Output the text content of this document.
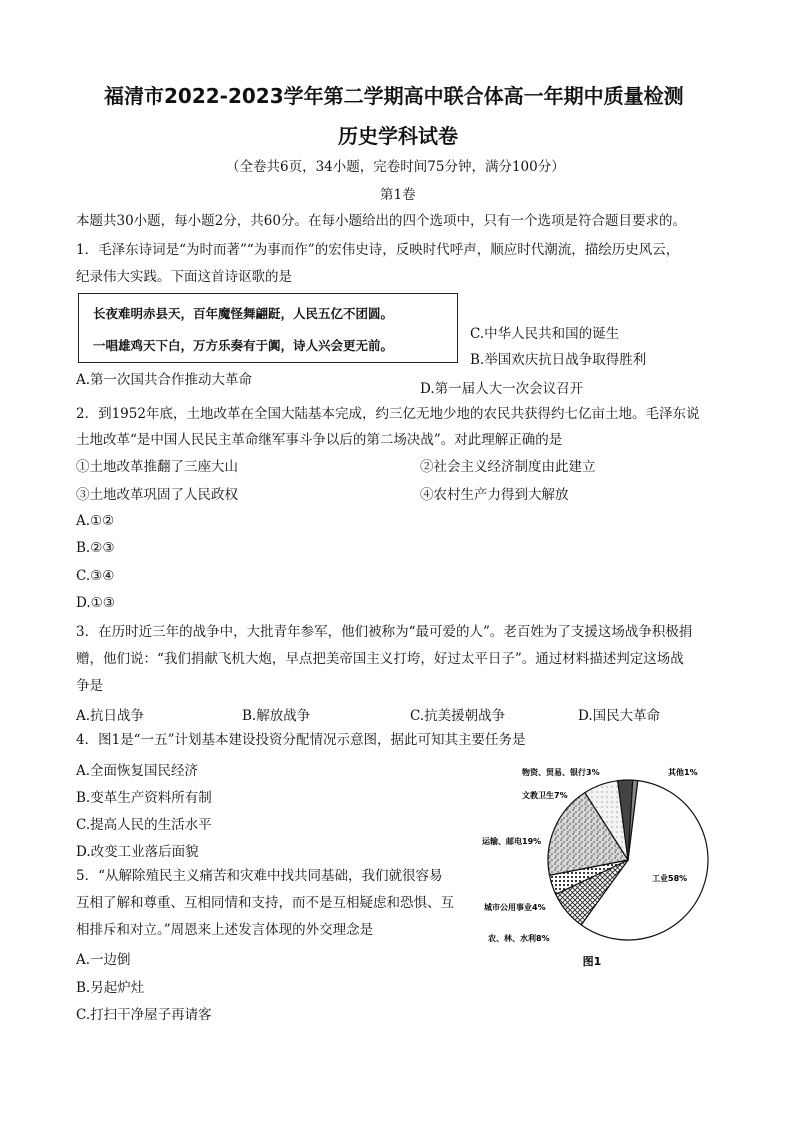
福清市2022-2023学年第二学期高中联合体高一年期中质量检测
历史学科试卷
（全卷共6页，34小题，完卷时间75分钟，满分100分）
第1卷
本题共30小题，每小题2分，共60分。在每小题给出的四个选项中，只有一个选项是符合题目要求的。
1．毛泽东诗词是“为时而著”“为事而作”的宏伟史诗，反映时代呼声，顺应时代潮流，描绘历史风云，
纪录伟大实践。下面这首诗讴歌的是
长夜难明赤县天，百年魔怪舞翩跹，人民五亿不团圆。
一唱雄鸡天下白，万方乐奏有于阗，诗人兴会更无前。
C.中华人民共和国的诞生
B.举国欢庆抗日战争取得胜利
A.第一次国共合作推动大革命
D.第一届人大一次会议召开
2．到1952年底，土地改革在全国大陆基本完成，约三亿无地少地的农民共获得约七亿亩土地。毛泽东说
土地改革“是中国人民民主革命继军事斗争以后的第二场决战”。对此理解正确的是
①土地改革推翻了三座大山	②社会主义经济制度由此建立
③土地改革巩固了人民政权	④农村生产力得到大解放
A.①②
B.②③
C.③④
D.①③
3．在历时近三年的战争中，大批青年参军，他们被称为“最可爱的人”。老百姓为了支援这场战争积极捐
赠，他们说：“我们捐献飞机大炮，早点把美帝国主义打垮，好过太平日子”。通过材料描述判定这场战
争是
A.抗日战争	B.解放战争	C.抗美援朝战争	D.国民大革命
4．图1是“一五”计划基本建设投资分配情况示意图，据此可知其主要任务是
A.全面恢复国民经济
B.变革生产资料所有制
C.提高人民的生活水平
D.改变工业落后面貌
5．“从解除殖民主义痛苦和灾难中找共同基础，我们就很容易
互相了解和尊重、互相同情和支持，而不是互相疑虑和恐惧、互
相排斥和对立。”周恩来上述发言体现的外交理念是
A.一边倒
B.另起炉灶
C.打扫干净屋子再请客
工业58%
农、林、水利8%
城市公用事业4%
运输、邮电19%
文教卫生7%
物资、贸易、银行3%	其他1%
图1
